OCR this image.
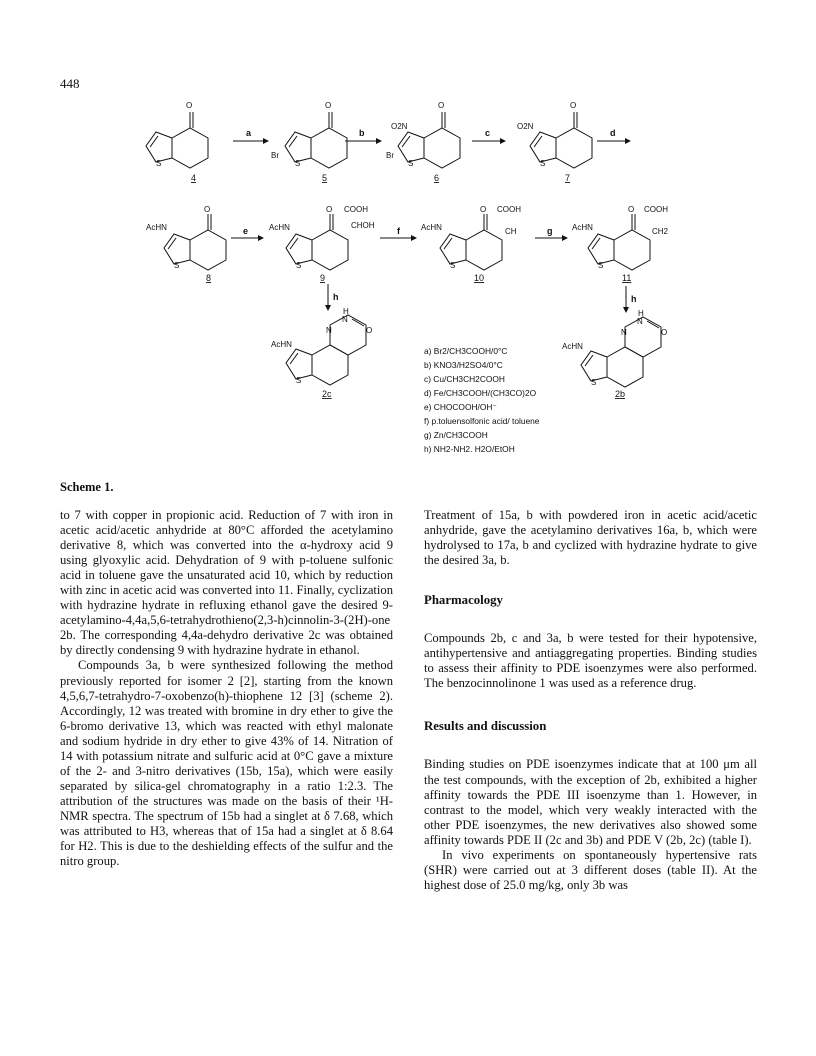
448
O
S
4
a
O
S
Br
5
b
O
S
Br
O2N
6
c
O
S
O2N
7
d
O
S
AcHN
8
e
O
S
AcHN
COOH
CHOH
9
f
O
S
AcHN
COOH
CH
10
g
O
S
AcHN
COOH
CH2
11
h	h
S
AcHN
N
N
H
O
2c
S
AcHN
N
N
H
O
2b
a) Br2/CH3COOH/0°C
b) KNO3/H2SO4/0°C
c) Cu/CH3CH2COOH
d) Fe/CH3COOH/(CH3CO)2O
e) CHOCOOH/OH⁻
f) p.toluensolfonic acid/ toluene
g) Zn/CH3COOH
h) NH2-NH2. H2O/EtOH
Scheme 1.

to 7 with copper in propionic acid. Reduction of 7 with iron in acetic acid/acetic anhydride at 80°C afforded the acetylamino derivative 8, which was converted into the α-hydroxy acid 9 using glyoxylic acid. Dehydration of 9 with p-toluene sulfonic acid in toluene gave the unsaturated acid 10, which by reduction with zinc in acetic acid was converted into 11. Finally, cyclization with hydrazine hydrate in refluxing ethanol gave the desired 9-acetylamino-4,4a,5,6-tetrahydrothieno(2,3-h)cinnolin-3-(2H)-one 2b. The corresponding 4,4a-dehydro derivative 2c was obtained by directly condensing 9 with hydrazine hydrate in ethanol.

Compounds 3a, b were synthesized following the method previously reported for isomer 2 [2], starting from the known 4,5,6,7-tetrahydro-7-oxobenzo(h)-thiophene 12 [3] (scheme 2). Accordingly, 12 was treated with bromine in dry ether to give the 6-bromo derivative 13, which was reacted with ethyl malonate and sodium hydride in dry ether to give 43% of 14. Nitration of 14 with potassium nitrate and sulfuric acid at 0°C gave a mixture of the 2- and 3-nitro derivatives (15b, 15a), which were easily separated by silica-gel chromatography in a ratio 1:2.3. The attribution of the structures was made on the basis of their ¹H-NMR spectra. The spectrum of 15b had a singlet at δ 7.68, which was attributed to H3, whereas that of 15a had a singlet at δ 8.64 for H2. This is due to the deshielding effects of the sulfur and the nitro group.

Treatment of 15a, b with powdered iron in acetic acid/acetic anhydride, gave the acetylamino derivatives 16a, b, which were hydrolysed to 17a, b and cyclized with hydrazine hydrate to give the desired 3a, b.

Pharmacology

Compounds 2b, c and 3a, b were tested for their hypotensive, antihypertensive and antiaggregating properties. Binding studies to assess their affinity to PDE isoenzymes were also performed. The benzocinnolinone 1 was used as a reference drug.

Results and discussion

Binding studies on PDE isoenzymes indicate that at 100 μm all the test compounds, with the exception of 2b, exhibited a higher affinity towards the PDE III isoenzyme than 1. However, in contrast to the model, which very weakly interacted with the other PDE isoenzymes, the new derivatives also showed some affinity towards PDE II (2c and 3b) and PDE V (2b, 2c) (table I).

In vivo experiments on spontaneously hypertensive rats (SHR) were carried out at 3 different doses (table II). At the highest dose of 25.0 mg/kg, only 3b was
